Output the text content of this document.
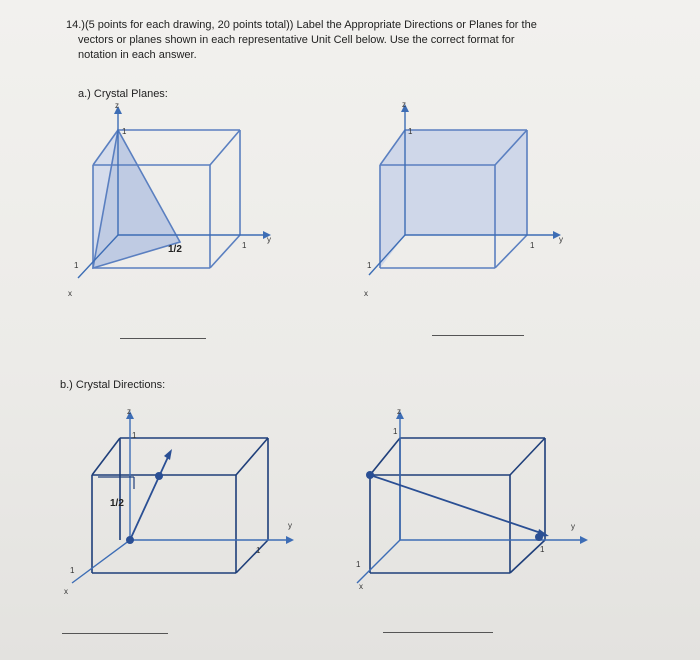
14.)(5 points for each drawing, 20 points total)) Label the Appropriate Directions or Planes for the
vectors or planes shown in each representative Unit Cell below. Use the correct format for
notation in each answer.
a.) Crystal Planes:
z
1
y
1
1
x
1/2
z
1
y
1
1
x
b.) Crystal Directions:
z
1
y
1
1
x
1/2
z
1
y
1
1
x
